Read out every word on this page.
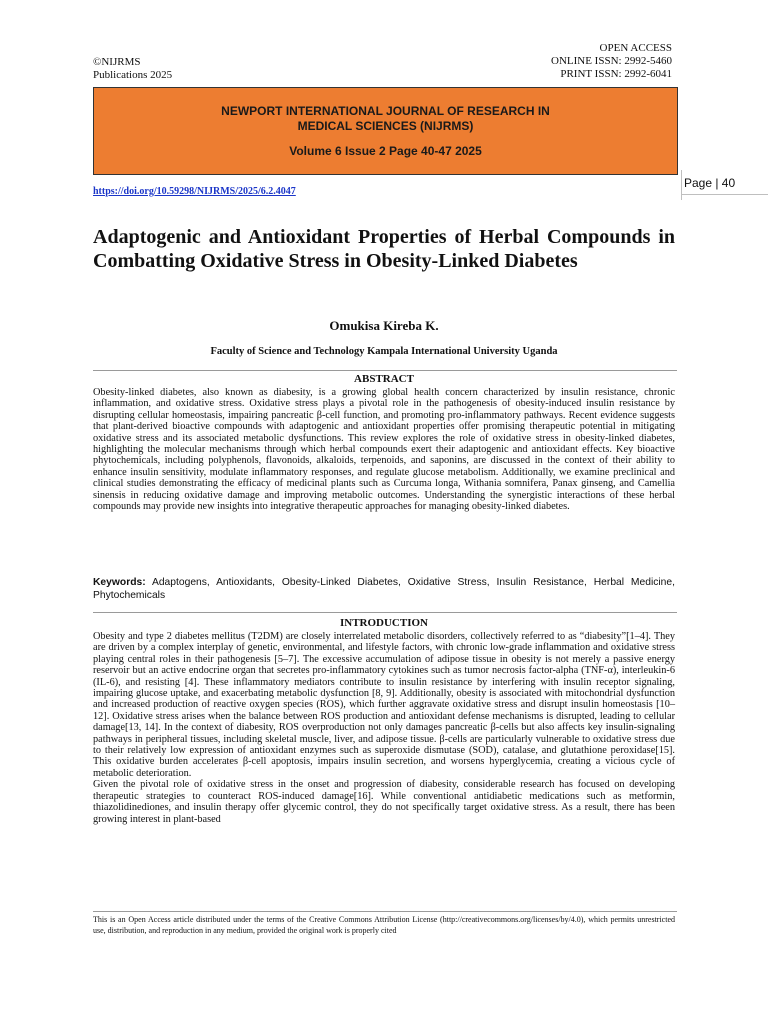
©NIJRMS
Publications 2025
OPEN ACCESS
ONLINE ISSN: 2992-5460
PRINT ISSN: 2992-6041
NEWPORT INTERNATIONAL JOURNAL OF RESEARCH IN
MEDICAL SCIENCES (NIJRMS)
Volume 6 Issue 2 Page 40-47 2025
https://doi.org/10.59298/NIJRMS/2025/6.2.4047
Page | 40
Adaptogenic and Antioxidant Properties of Herbal Compounds in Combatting Oxidative Stress in Obesity-Linked Diabetes
Omukisa Kireba K.
Faculty of Science and Technology Kampala International University Uganda
ABSTRACT
Obesity-linked diabetes, also known as diabesity, is a growing global health concern characterized by insulin resistance, chronic inflammation, and oxidative stress. Oxidative stress plays a pivotal role in the pathogenesis of obesity-induced insulin resistance by disrupting cellular homeostasis, impairing pancreatic β-cell function, and promoting pro-inflammatory pathways. Recent evidence suggests that plant-derived bioactive compounds with adaptogenic and antioxidant properties offer promising therapeutic potential in mitigating oxidative stress and its associated metabolic dysfunctions. This review explores the role of oxidative stress in obesity-linked diabetes, highlighting the molecular mechanisms through which herbal compounds exert their adaptogenic and antioxidant effects. Key bioactive phytochemicals, including polyphenols, flavonoids, alkaloids, terpenoids, and saponins, are discussed in the context of their ability to enhance insulin sensitivity, modulate inflammatory responses, and regulate glucose metabolism. Additionally, we examine preclinical and clinical studies demonstrating the efficacy of medicinal plants such as Curcuma longa, Withania somnifera, Panax ginseng, and Camellia sinensis in reducing oxidative damage and improving metabolic outcomes. Understanding the synergistic interactions of these herbal compounds may provide new insights into integrative therapeutic approaches for managing obesity-linked diabetes.
Keywords: Adaptogens, Antioxidants, Obesity-Linked Diabetes, Oxidative Stress, Insulin Resistance, Herbal Medicine, Phytochemicals
INTRODUCTION

Obesity and type 2 diabetes mellitus (T2DM) are closely interrelated metabolic disorders, collectively referred to as “diabesity”[1–4]. They are driven by a complex interplay of genetic, environmental, and lifestyle factors, with chronic low-grade inflammation and oxidative stress playing central roles in their pathogenesis [5–7]. The excessive accumulation of adipose tissue in obesity is not merely a passive energy reservoir but an active endocrine organ that secretes pro-inflammatory cytokines such as tumor necrosis factor-alpha (TNF-α), interleukin-6 (IL-6), and resisting [4]. These inflammatory mediators contribute to insulin resistance by interfering with insulin receptor signaling, impairing glucose uptake, and exacerbating metabolic dysfunction [8, 9]. Additionally, obesity is associated with mitochondrial dysfunction and increased production of reactive oxygen species (ROS), which further aggravate oxidative stress and disrupt insulin homeostasis [10–12]. Oxidative stress arises when the balance between ROS production and antioxidant defense mechanisms is disrupted, leading to cellular damage[13, 14]. In the context of diabesity, ROS overproduction not only damages pancreatic β-cells but also affects key insulin-signaling pathways in peripheral tissues, including skeletal muscle, liver, and adipose tissue. β-cells are particularly vulnerable to oxidative stress due to their relatively low expression of antioxidant enzymes such as superoxide dismutase (SOD), catalase, and glutathione peroxidase[15]. This oxidative burden accelerates β-cell apoptosis, impairs insulin secretion, and worsens hyperglycemia, creating a vicious cycle of metabolic deterioration.

Given the pivotal role of oxidative stress in the onset and progression of diabesity, considerable research has focused on developing therapeutic strategies to counteract ROS-induced damage[16]. While conventional antidiabetic medications such as metformin, thiazolidinediones, and insulin therapy offer glycemic control, they do not specifically target oxidative stress. As a result, there has been growing interest in plant-based

This is an Open Access article distributed under the terms of the Creative Commons Attribution License (http://creativecommons.org/licenses/by/4.0), which permits unrestricted use, distribution, and reproduction in any medium, provided the original work is properly cited
